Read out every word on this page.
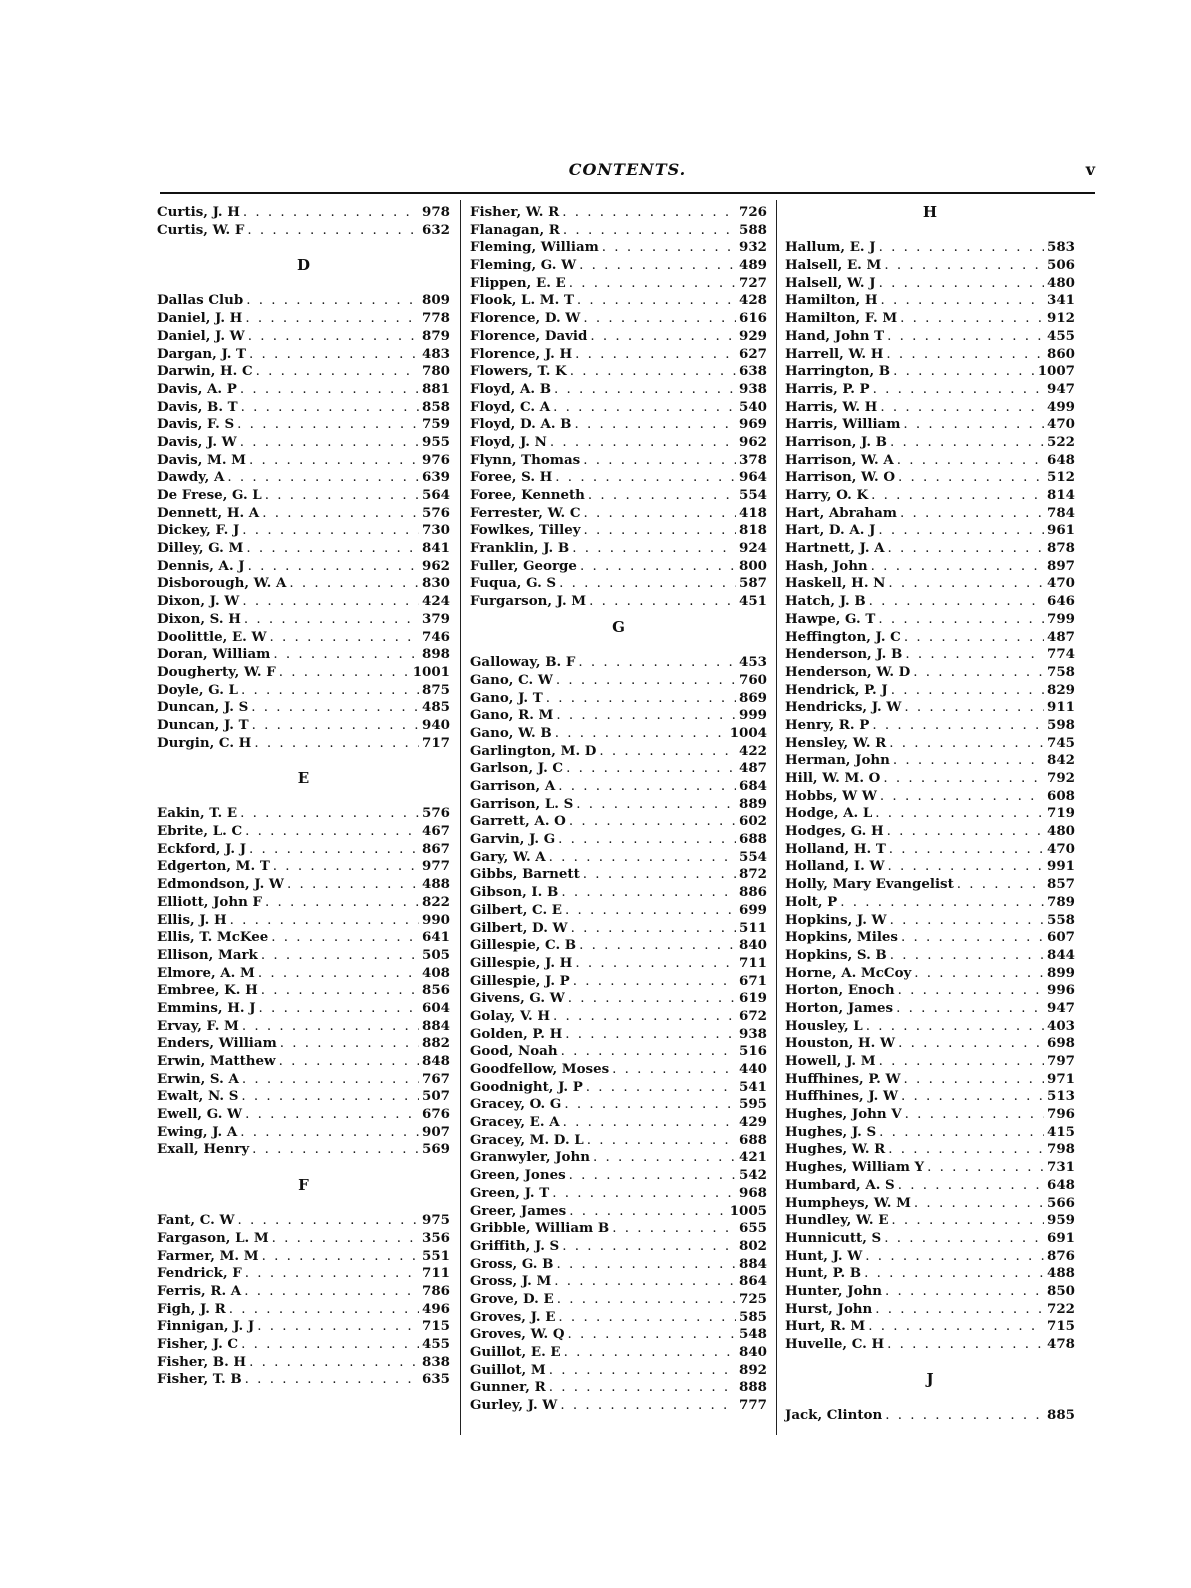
CONTENTS.	v
Curtis, J. H . . .	978
Curtis, W. F . . .	632
D
Dallas Club . . .	809
Daniel, J. H . . .	778
Daniel, J. W . . .	879
Dargan, J. T . . .	483
Darwin, H. C . . .	780
Davis, A. P . . .	881
Davis, B. T . . .	858
Davis, F. S . . .	759
Davis, J. W . . .	955
Davis, M. M . . .	976
Dawdy, A . . .	639
De Frese, G. L . . .	564
Dennett, H. A . . .	576
Dickey, F. J . . .	730
Dilley, G. M . . .	841
Dennis, A. J . . .	962
Disborough, W. A . . .	830
Dixon, J. W . . .	424
Dixon, S. H . . .	379
Doolittle, E. W . . .	746
Doran, William . . .	898
Dougherty, W. F . . .	1001
Doyle, G. L . . .	875
Duncan, J. S . . .	485
Duncan, J. T . . .	940
Durgin, C. H . . .	717
E
Eakin, T. E . . .	576
Ebrite, L. C . . .	467
Eckford, J. J . . .	867
Edgerton, M. T . . .	977
Edmondson, J. W . . .	488
Elliott, John F . . .	822
Ellis, J. H . . .	990
Ellis, T. McKee . . .	641
Ellison, Mark . . .	505
Elmore, A. M . . .	408
Embree, K. H . . .	856
Emmins, H. J . . .	604
Ervay, F. M . . .	884
Enders, William . . .	882
Erwin, Matthew . . .	848
Erwin, S. A . . .	767
Ewalt, N. S . . .	507
Ewell, G. W . . .	676
Ewing, J. A . . .	907
Exall, Henry . . .	569
F
Fant, C. W . . .	975
Fargason, L. M . . .	356
Farmer, M. M . . .	551
Fendrick, F . . .	711
Ferris, R. A . . .	786
Figh, J. R . . .	496
Finnigan, J. J . . .	715
Fisher, J. C . . .	455
Fisher, B. H . . .	838
Fisher, T. B . . .	635
Fisher, W. R . . .	726
Flanagan, R . . .	588
Fleming, William . . .	932
Fleming, G. W . . .	489
Flippen, E. E . . .	727
Flook, L. M. T . . .	428
Florence, D. W . . .	616
Florence, David . . .	929
Florence, J. H . . .	627
Flowers, T. K . . .	638
Floyd, A. B . . .	938
Floyd, C. A . . .	540
Floyd, D. A. B . . .	969
Floyd, J. N . . .	962
Flynn, Thomas . . .	378
Foree, S. H . . .	964
Foree, Kenneth . . .	554
Ferrester, W. C . . .	418
Fowlkes, Tilley . . .	818
Franklin, J. B . . .	924
Fuller, George . . .	800
Fuqua, G. S . . .	587
Furgarson, J. M . . .	451
G
Galloway, B. F . . .	453
Gano, C. W . . .	760
Gano, J. T . . .	869
Gano, R. M . . .	999
Gano, W. B . . .	1004
Garlington, M. D . . .	422
Garlson, J. C . . .	487
Garrison, A . . .	684
Garrison, L. S . . .	889
Garrett, A. O . . .	602
Garvin, J. G . . .	688
Gary, W. A . . .	554
Gibbs, Barnett . . .	872
Gibson, I. B . . .	886
Gilbert, C. E . . .	699
Gilbert, D. W . . .	511
Gillespie, C. B . . .	840
Gillespie, J. H . . .	711
Gillespie, J. P . . .	671
Givens, G. W . . .	619
Golay, V. H . . .	672
Golden, P. H . . .	938
Good, Noah . . .	516
Goodfellow, Moses . . .	440
Goodnight, J. P . . .	541
Gracey, O. G . . .	595
Gracey, E. A . . .	429
Gracey, M. D. L . . .	688
Granwyler, John . . .	421
Green, Jones . . .	542
Green, J. T . . .	968
Greer, James . . .	1005
Gribble, William B . . .	655
Griffith, J. S . . .	802
Gross, G. B . . .	884
Gross, J. M . . .	864
Grove, D. E . . .	725
Groves, J. E . . .	585
Groves, W. Q . . .	548
Guillot, E. E . . .	840
Guillot, M . . .	892
Gunner, R . . .	888
Gurley, J. W . . .	777
H
Hallum, E. J . . .	583
Halsell, E. M . . .	506
Halsell, W. J . . .	480
Hamilton, H . . .	341
Hamilton, F. M . . .	912
Hand, John T . . .	455
Harrell, W. H . . .	860
Harrington, B . . .	1007
Harris, P. P . . .	947
Harris, W. H . . .	499
Harris, William . . .	470
Harrison, J. B . . .	522
Harrison, W. A . . .	648
Harrison, W. O . . .	512
Harry, O. K . . .	814
Hart, Abraham . . .	784
Hart, D. A. J . . .	961
Hartnett, J. A . . .	878
Hash, John . . .	897
Haskell, H. N . . .	470
Hatch, J. B . . .	646
Hawpe, G. T . . .	799
Heffington, J. C . . .	487
Henderson, J. B . . .	774
Henderson, W. D . . .	758
Hendrick, P. J . . .	829
Hendricks, J. W . . .	911
Henry, R. P . . .	598
Hensley, W. R . . .	745
Herman, John . . .	842
Hill, W. M. O . . .	792
Hobbs, W W . . .	608
Hodge, A. L . . .	719
Hodges, G. H . . .	480
Holland, H. T . . .	470
Holland, I. W . . .	991
Holly, Mary Evangelist . . .	857
Holt, P . . .	789
Hopkins, J. W . . .	558
Hopkins, Miles . . .	607
Hopkins, S. B . . .	844
Horne, A. McCoy . . .	899
Horton, Enoch . . .	996
Horton, James . . .	947
Housley, L . . .	403
Houston, H. W . . .	698
Howell, J. M . . .	797
Huffhines, P. W . . .	971
Huffhines, J. W . . .	513
Hughes, John V . . .	796
Hughes, J. S . . .	415
Hughes, W. R . . .	798
Hughes, William Y . . .	731
Humbard, A. S . . .	648
Humpheys, W. M . . .	566
Hundley, W. E . . .	959
Hunnicutt, S . . .	691
Hunt, J. W . . .	876
Hunt, P. B . . .	488
Hunter, John . . .	850
Hurst, John . . .	722
Hurt, R. M . . .	715
Huvelle, C. H . . .	478
J
Jack, Clinton . . .	885
